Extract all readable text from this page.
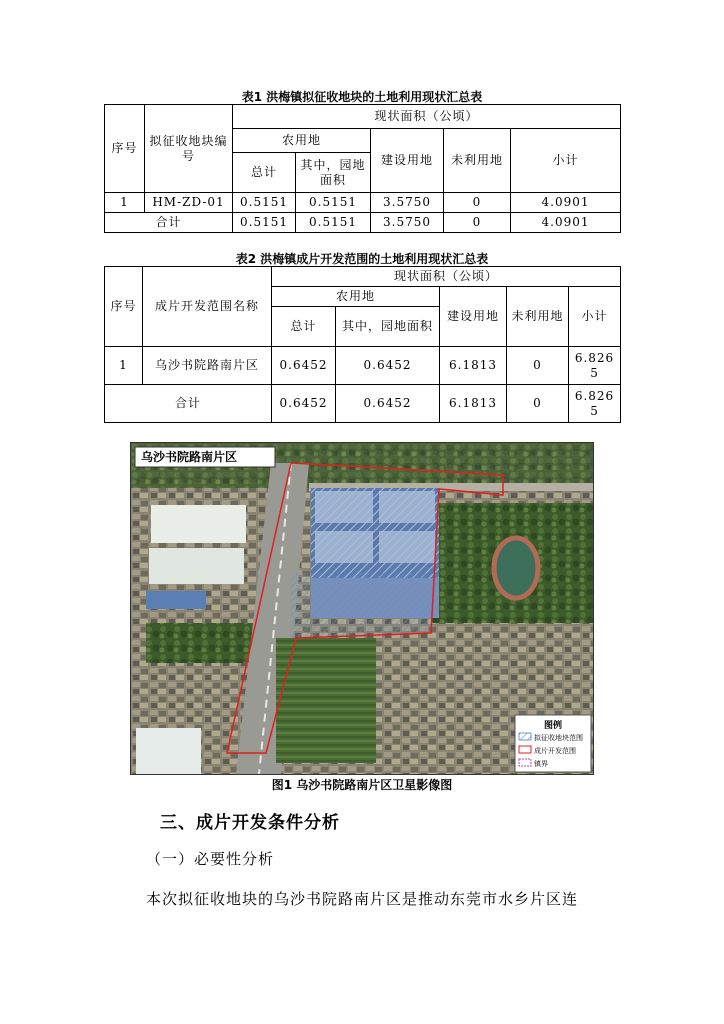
表1 洪梅镇拟征收地块的土地利用现状汇总表
序号	拟征收地块编号	现状面积（公顷）				
		农用地		建设用地	未利用地	小计
		总计	其中，园地面积			
1	HM-ZD-01	0.5151	0.5151	3.5750	0	4.0901
合计		0.5151	0.5151	3.5750	0	4.0901
表2 洪梅镇成片开发范围的土地利用现状汇总表
序号	成片开发范围名称	现状面积（公顷）				
		农用地		建设用地	未利用地	小计
		总计	其中，园地面积			
1	乌沙书院路南片区	0.6452	0.6452	6.1813	0	6.8265
合计		0.6452	0.6452	6.1813	0	6.8265
乌沙书院路南片区
图例
拟征收地块范围
成片开发范围
镇界
图1 乌沙书院路南片区卫星影像图
三、成片开发条件分析
（一）必要性分析
本次拟征收地块的乌沙书院路南片区是推动东莞市水乡片区连
